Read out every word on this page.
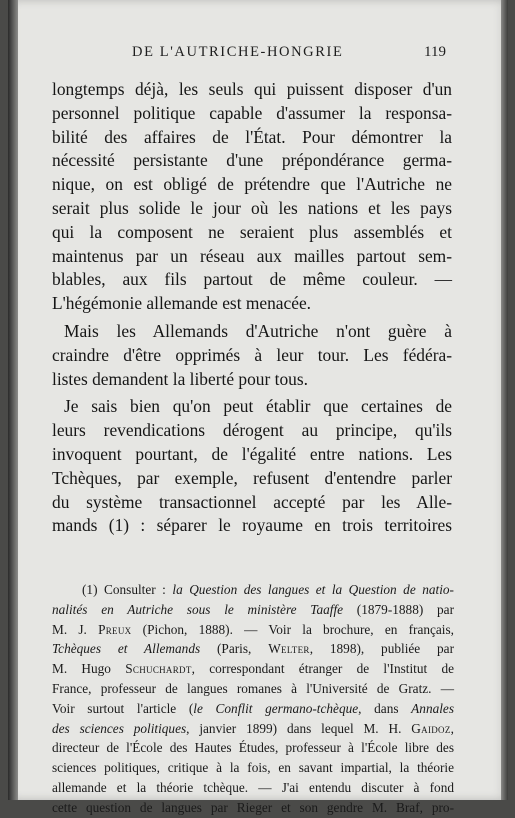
DE L'AUTRICHE-HONGRIE	119
longtemps déjà, les seuls qui puissent disposer d'un
personnel politique capable d'assumer la responsa-
bilité des affaires de l'État. Pour démontrer la
nécessité persistante d'une prépondérance germa-
nique, on est obligé de prétendre que l'Autriche ne
serait plus solide le jour où les nations et les pays
qui la composent ne seraient plus assemblés et
maintenus par un réseau aux mailles partout sem-
blables, aux fils partout de même couleur. —
L'hégémonie allemande est menacée.
Mais les Allemands d'Autriche n'ont guère à
craindre d'être opprimés à leur tour. Les fédéra-
listes demandent la liberté pour tous.
Je sais bien qu'on peut établir que certaines de
leurs revendications dérogent au principe, qu'ils
invoquent pourtant, de l'égalité entre nations. Les
Tchèques, par exemple, refusent d'entendre parler
du système transactionnel accepté par les Alle-
mands (1) : séparer le royaume en trois territoires
(1) Consulter : la Question des langues et la Question de natio-
nalités en Autriche sous le ministère Taaffe (1879-1888) par
M. J. Preux (Pichon, 1888). — Voir la brochure, en français,
Tchèques et Allemands (Paris, Welter, 1898), publiée par
M. Hugo Schuchardt, correspondant étranger de l'Institut de
France, professeur de langues romanes à l'Université de Gratz. —
Voir surtout l'article (le Conflit germano-tchèque, dans Annales
des sciences politiques, janvier 1899) dans lequel M. H. Gaidoz,
directeur de l'École des Hautes Études, professeur à l'École libre des
sciences politiques, critique à la fois, en savant impartial, la théorie
allemande et la théorie tchèque. — J'ai entendu discuter à fond
cette question de langues par Rieger et son gendre M. Braf, pro-
